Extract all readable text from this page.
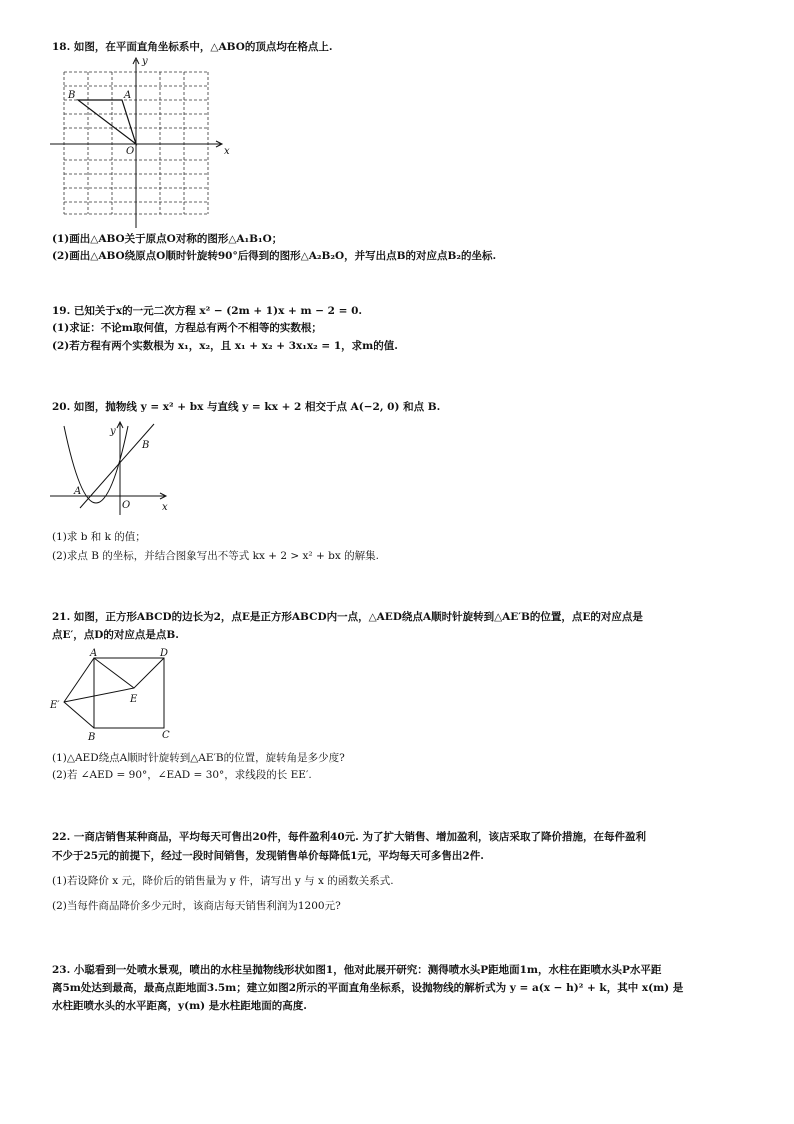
18. 如图，在平面直角坐标系中，△ABO的顶点均在格点上.
y
x
A
B
O
(1)画出△ABO关于原点O对称的图形△A₁B₁O；
(2)画出△ABO绕原点O顺时针旋转90°后得到的图形△A₂B₂O，并写出点B的对应点B₂的坐标.
19. 已知关于x的一元二次方程 x² − (2m + 1)x + m − 2 = 0.
(1)求证：不论m取何值，方程总有两个不相等的实数根；
(2)若方程有两个实数根为 x₁，x₂，且 x₁ + x₂ + 3x₁x₂ = 1，求m的值.
20. 如图，抛物线 y = x² + bx 与直线 y = kx + 2 相交于点 A(−2, 0) 和点 B.
y
x
A
B
O
(1)求 b 和 k 的值；
(2)求点 B 的坐标，并结合图象写出不等式 kx + 2 > x² + bx 的解集.
21. 如图，正方形ABCD的边长为2，点E是正方形ABCD内一点，△AED绕点A顺时针旋转到△AE′B的位置，点E的对应点是
点E′，点D的对应点是点B.
A	D
C
B
E
E′
(1)△AED绕点A顺时针旋转到△AE′B的位置，旋转角是多少度?
(2)若 ∠AED = 90°，∠EAD = 30°，求线段的长 EE′.
22. 一商店销售某种商品，平均每天可售出20件，每件盈利40元. 为了扩大销售、增加盈利，该店采取了降价措施，在每件盈利
不少于25元的前提下，经过一段时间销售，发现销售单价每降低1元，平均每天可多售出2件.
(1)若设降价 x 元，降价后的销售量为 y 件，请写出 y 与 x 的函数关系式.
(2)当每件商品降价多少元时，该商店每天销售利润为1200元?
23. 小聪看到一处喷水景观，喷出的水柱呈抛物线形状如图1，他对此展开研究：测得喷水头P距地面1m，水柱在距喷水头P水平距
离5m处达到最高，最高点距地面3.5m；建立如图2所示的平面直角坐标系，设抛物线的解析式为 y = a(x − h)² + k，其中 x(m) 是
水柱距喷水头的水平距离，y(m) 是水柱距地面的高度.
